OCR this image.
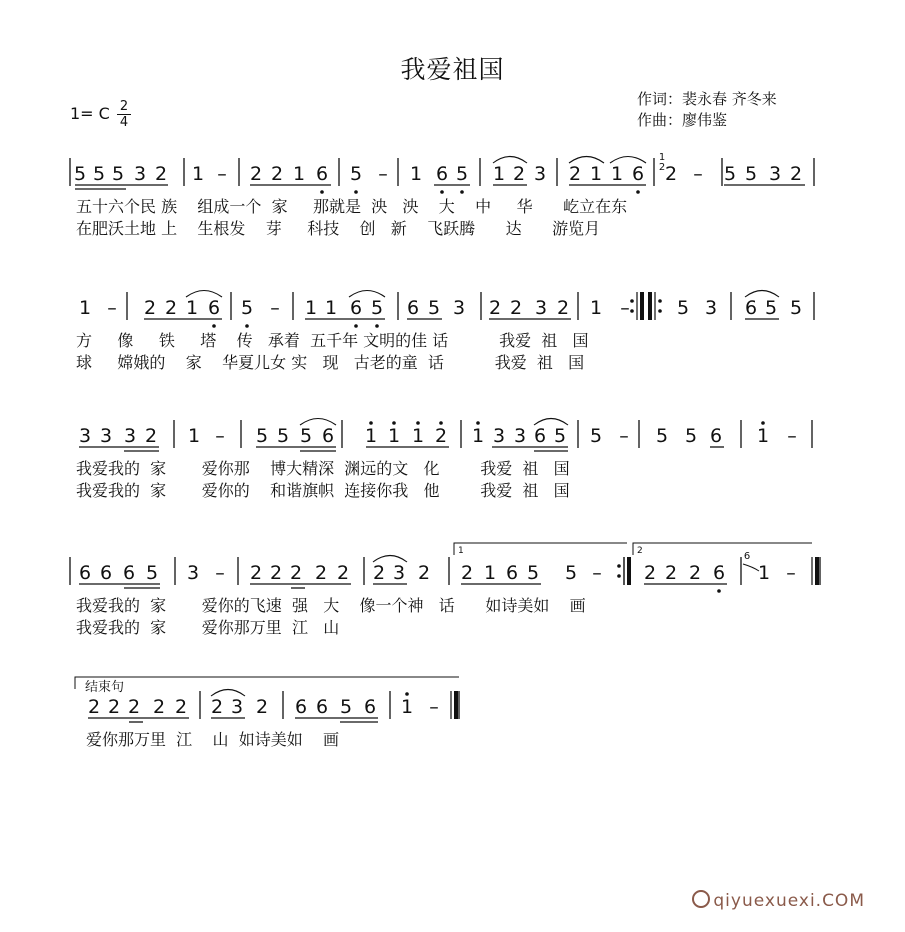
我爱祖国
1= C 2
4
作词：裴永春 齐冬来
作曲：廖伟鉴
5 5 5 3 2 1 – 2 2 1 6 5 – 1 6 5 1 2 3 2 1 1 6 2 – 5 5 3 2
1
2
1 – 2 2 1 6 5 – 1 1 6 5 6 5 3 2 2 3 2 1 – 5 3 6 5 5
3 3 3 2 1 – 5 5 5 6 1 1 1 2 1 3 3 6 5 5 – 5 5 6 1 –
6 6 6 5 3 – 2 2 2 2 2 2 3 2 2 1 6 5 5 – 2 2 2 6 1 –
6
1	2
2 2 2 2 2 2 3 2 6 6 5 6 1 –
结束句
五十六个民 族    组成一个  家     那就是  泱   泱    大    中     华      屹立在东
在肥沃土地 上    生根发    芽     科技    创   新    飞跃腾      达      游览月
方     像     铁     塔    传   承着  五千年 文明的佳 话          我爱  祖   国
球     嫦娥的    家    华夏儿女 实   现   古老的童  话          我爱  祖   国
我爱我的  家       爱你那    博大精深  渊远的文   化        我爱  祖   国
我爱我的  家       爱你的    和谐旗帜  连接你我   他        我爱  祖   国
我爱我的  家       爱你的飞速  强   大    像一个神   话      如诗美如    画
我爱我的  家       爱你那万里  江   山
爱你那万里  江    山  如诗美如    画
qiyuexuexi.COM
